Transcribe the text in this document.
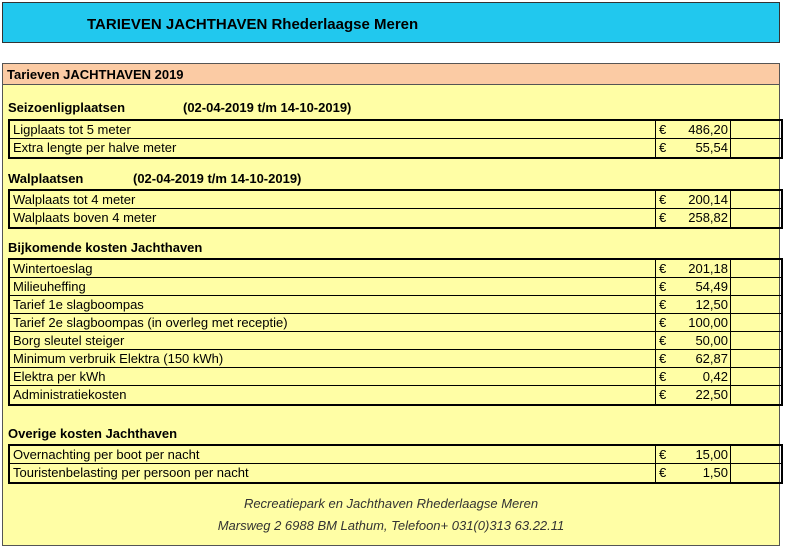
TARIEVEN JACHTHAVEN Rhederlaagse Meren
Tarieven JACHTHAVEN 2019
Seizoenligplaatsen	(02-04-2019 t/m 14-10-2019)
Ligplaats tot 5 meter	€ 486,20
Extra lengte per halve meter	€ 55,54
Walplaatsen	(02-04-2019 t/m 14-10-2019)
Walplaats tot 4 meter	€ 200,14
Walplaats boven 4 meter	€ 258,82
Bijkomende kosten Jachthaven
Wintertoeslag	€ 201,18
Milieuheffing	€ 54,49
Tarief 1e slagboompas	€ 12,50
Tarief 2e slagboompas (in overleg met receptie)	€ 100,00
Borg sleutel steiger	€ 50,00
Minimum verbruik Elektra (150 kWh)	€ 62,87
Elektra per kWh	€	0,42
Administratiekosten	€ 22,50
Overige kosten Jachthaven
Overnachting per boot per nacht	€ 15,00
Touristenbelasting per persoon per nacht	€	1,50
Recreatiepark en Jachthaven Rhederlaagse Meren
Marsweg 2 6988 BM Lathum, Telefoon+ 031(0)313 63.22.11
